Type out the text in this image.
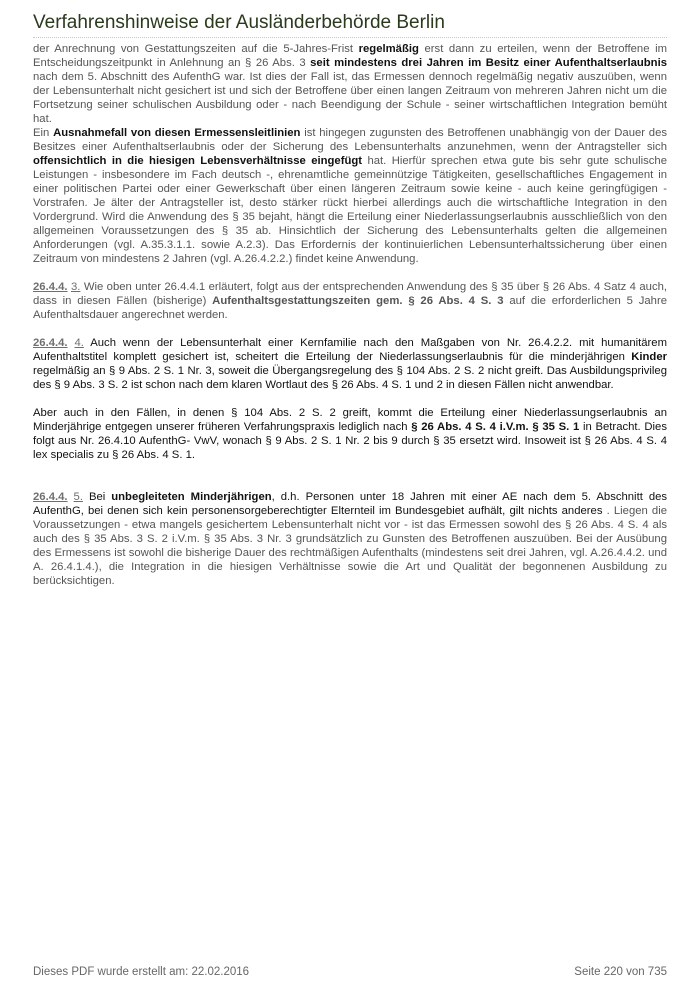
Verfahrenshinweise der Ausländerbehörde Berlin

der Anrechnung von Gestattungszeiten auf die 5-Jahres-Frist regelmäßig erst dann zu erteilen, wenn der Betroffene im Entscheidungszeitpunkt in Anlehnung an § 26 Abs. 3 seit mindestens drei Jahren im Besitz einer Aufenthaltserlaubnis nach dem 5. Abschnitt des AufenthG war. Ist dies der Fall ist, das Ermessen dennoch regelmäßig negativ auszuüben, wenn der Lebensunterhalt nicht gesichert ist und sich der Betroffene über einen langen Zeitraum von mehreren Jahren nicht um die Fortsetzung seiner schulischen Ausbildung oder - nach Beendigung der Schule - seiner wirtschaftlichen Integration bemüht hat.

Ein Ausnahmefall von diesen Ermessensleitlinien ist hingegen zugunsten des Betroffenen unabhängig von der Dauer des Besitzes einer Aufenthaltserlaubnis oder der Sicherung des Lebensunterhalts anzunehmen, wenn der Antragsteller sich offensichtlich in die hiesigen Lebensverhältnisse eingefügt hat. Hierfür sprechen etwa gute bis sehr gute schulische Leistungen - insbesondere im Fach deutsch -, ehrenamtliche gemeinnützige Tätigkeiten, gesellschaftliches Engagement in einer politischen Partei oder einer Gewerkschaft über einen längeren Zeitraum sowie keine - auch keine geringfügigen - Vorstrafen. Je älter der Antragsteller ist, desto stärker rückt hierbei allerdings auch die wirtschaftliche Integration in den Vordergrund. Wird die Anwendung des § 35 bejaht, hängt die Erteilung einer Niederlassungserlaubnis ausschließlich von den allgemeinen Voraussetzungen des § 35 ab. Hinsichtlich der Sicherung des Lebensunterhalts gelten die allgemeinen Anforderungen (vgl. A.35.3.1.1. sowie A.2.3). Das Erfordernis der kontinuierlichen Lebensunterhaltssicherung über einen Zeitraum von mindestens 2 Jahren (vgl. A.26.4.2.2.) findet keine Anwendung.

26.4.4. 3. Wie oben unter 26.4.4.1 erläutert, folgt aus der entsprechenden Anwendung des § 35 über § 26 Abs. 4 Satz 4 auch, dass in diesen Fällen (bisherige) Aufenthaltsgestattungszeiten gem. § 26 Abs. 4 S. 3 auf die erforderlichen 5 Jahre Aufenthaltsdauer angerechnet werden.

26.4.4. 4. Auch wenn der Lebensunterhalt einer Kernfamilie nach den Maßgaben von Nr. 26.4.2.2. mit humanitärem Aufenthaltstitel komplett gesichert ist, scheitert die Erteilung der Niederlassungserlaubnis für die minderjährigen Kinder regelmäßig an § 9 Abs. 2 S. 1 Nr. 3, soweit die Übergangsregelung des § 104 Abs. 2 S. 2 nicht greift. Das Ausbildungsprivileg des § 9 Abs. 3 S. 2 ist schon nach dem klaren Wortlaut des § 26 Abs. 4 S. 1 und 2 in diesen Fällen nicht anwendbar.

Aber auch in den Fällen, in denen § 104 Abs. 2 S. 2 greift, kommt die Erteilung einer Niederlassungserlaubnis an Minderjährige entgegen unserer früheren Verfahrungspraxis lediglich nach § 26 Abs. 4 S. 4 i.V.m. § 35 S. 1 in Betracht. Dies folgt aus Nr. 26.4.10 AufenthG- VwV, wonach § 9 Abs. 2 S. 1 Nr. 2 bis 9 durch § 35 ersetzt wird. Insoweit ist § 26 Abs. 4 S. 4 lex specialis zu § 26 Abs. 4 S. 1.

26.4.4. 5. Bei unbegleiteten Minderjährigen, d.h. Personen unter 18 Jahren mit einer AE nach dem 5. Abschnitt des AufenthG, bei denen sich kein personensorgeberechtigter Elternteil im Bundesgebiet aufhält, gilt nichts anderes . Liegen die Voraussetzungen - etwa mangels gesichertem Lebensunterhalt nicht vor - ist das Ermessen sowohl des § 26 Abs. 4 S. 4 als auch des § 35 Abs. 3 S. 2 i.V.m. § 35 Abs. 3 Nr. 3 grundsätzlich zu Gunsten des Betroffenen auszuüben. Bei der Ausübung des Ermessens ist sowohl die bisherige Dauer des rechtmäßigen Aufenthalts (mindestens seit drei Jahren, vgl. A.26.4.4.2. und A. 26.4.1.4.), die Integration in die hiesigen Verhältnisse sowie die Art und Qualität der begonnenen Ausbildung zu berücksichtigen.

Dieses PDF wurde erstellt am: 22.02.2016	Seite 220 von 735
